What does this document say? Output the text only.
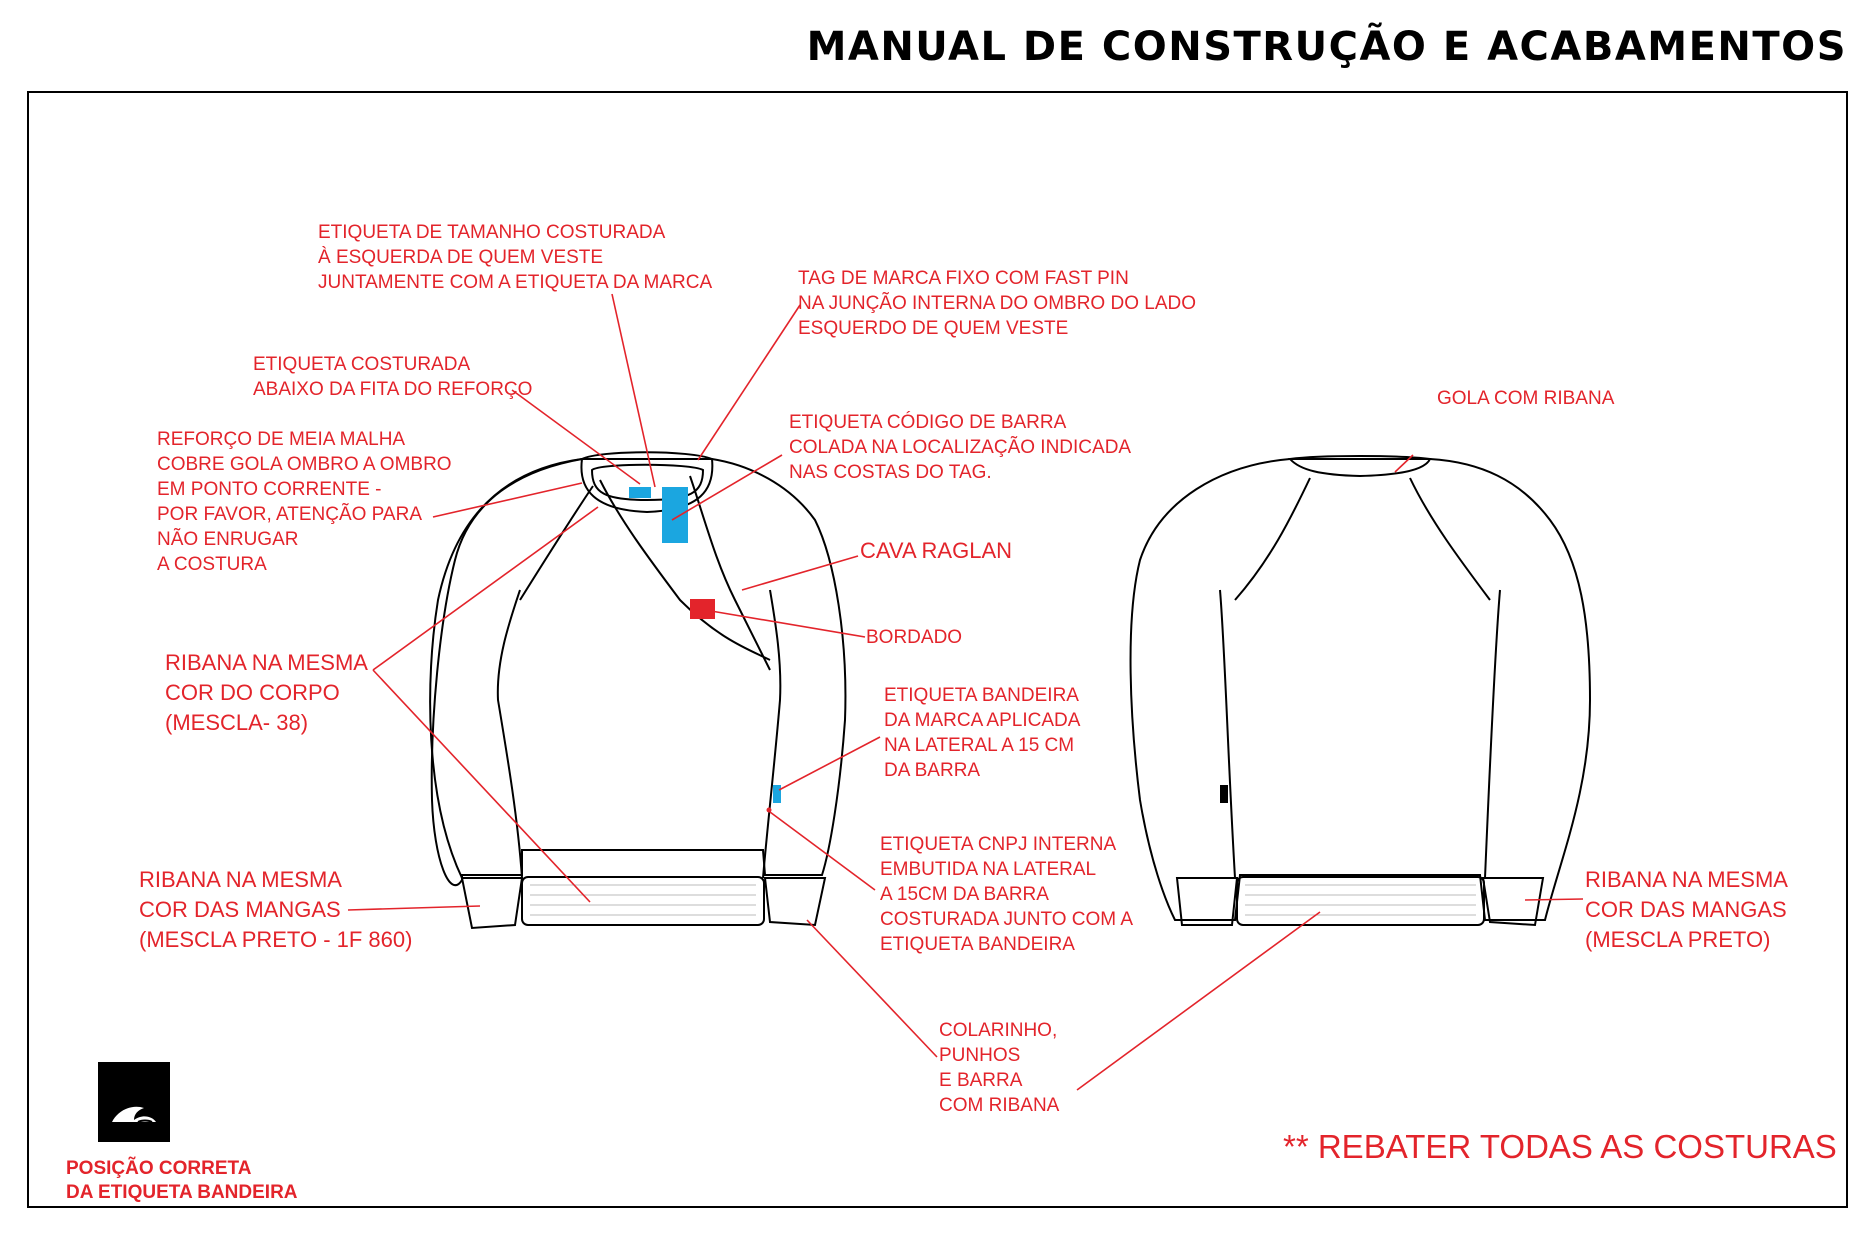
MANUAL DE CONSTRUÇÃO E ACABAMENTOS
ETIQUETA DE TAMANHO COSTURADA
À ESQUERDA DE QUEM VESTE
JUNTAMENTE COM A ETIQUETA DA MARCA	TAG DE MARCA FIXO COM FAST PIN
NA JUNÇÃO INTERNA DO OMBRO DO LADO
ESQUERDO DE QUEM VESTE
ETIQUETA COSTURADA
ABAIXO DA FITA DO REFORÇO
REFORÇO DE MEIA MALHA
COBRE GOLA OMBRO A OMBRO
EM PONTO CORRENTE -
POR FAVOR, ATENÇÃO PARA
NÃO ENRUGAR
A COSTURA
ETIQUETA CÓDIGO DE BARRA
COLADA NA LOCALIZAÇÃO INDICADA
NAS COSTAS DO TAG.
CAVA RAGLAN
BORDADO
RIBANA NA MESMA
COR DO CORPO
(MESCLA- 38)
ETIQUETA BANDEIRA
DA MARCA APLICADA
NA LATERAL A 15 CM
DA BARRA
ETIQUETA CNPJ INTERNA
EMBUTIDA NA LATERAL
A 15CM DA BARRA
COSTURADA JUNTO COM A
ETIQUETA BANDEIRA
RIBANA NA MESMA
COR DAS MANGAS
(MESCLA PRETO - 1F 860)
COLARINHO,
PUNHOS
E BARRA
COM RIBANA
GOLA COM RIBANA
RIBANA NA MESMA
COR DAS MANGAS
(MESCLA PRETO)
** REBATER TODAS AS COSTURAS
POSIÇÃO CORRETA
DA ETIQUETA BANDEIRA
